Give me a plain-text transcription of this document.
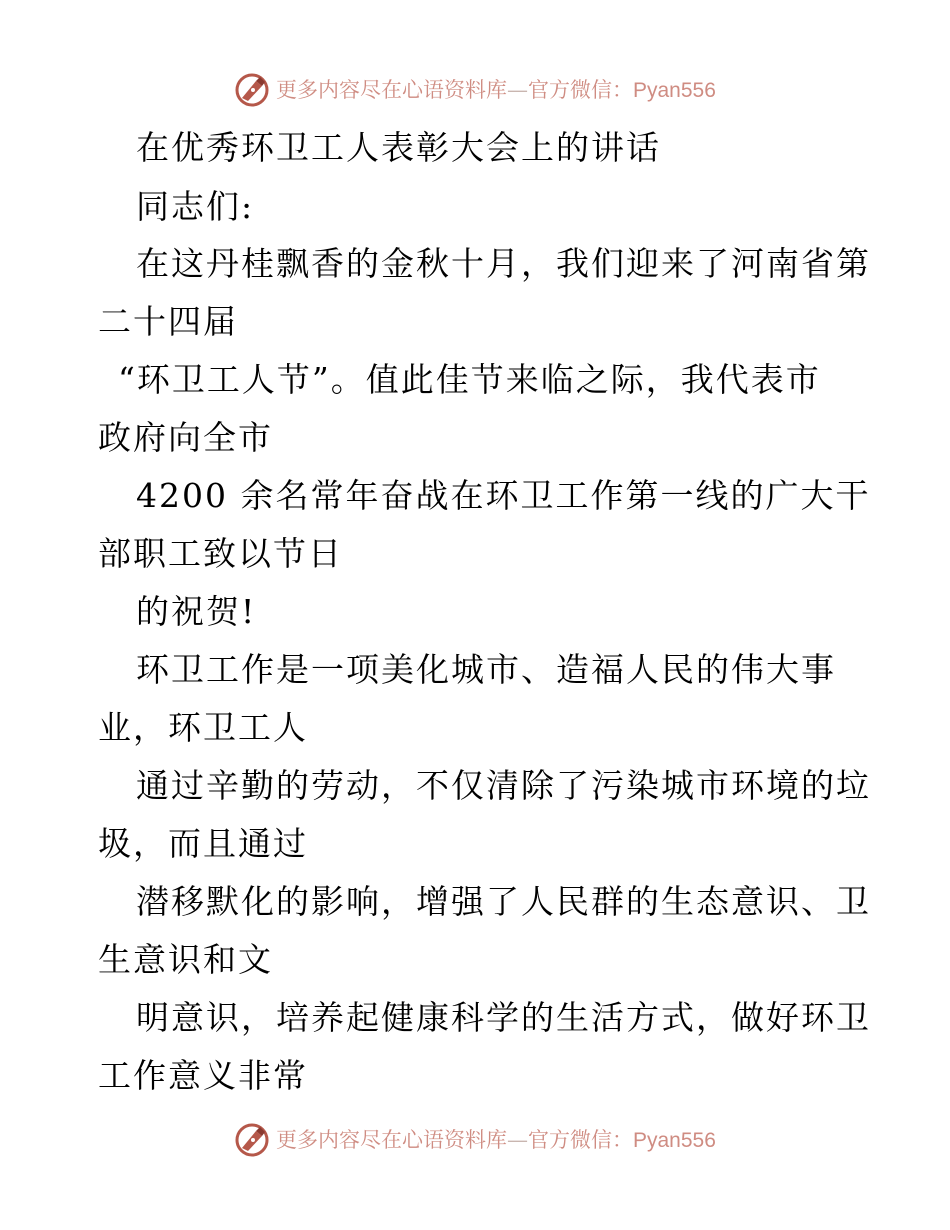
更多内容尽在心语资料库—官方微信：Pyan556
在优秀环卫工人表彰大会上的讲话
同志们:
在这丹桂飘香的金秋十月，我们迎来了河南省第
二十四届
“环卫工人节”。值此佳节来临之际，我代表市
政府向全市
4200 余名常年奋战在环卫工作第一线的广大干
部职工致以节日
的祝贺!
环卫工作是一项美化城市、造福人民的伟大事
业，环卫工人
通过辛勤的劳动，不仅清除了污染城市环境的垃
圾，而且通过
潜移默化的影响，增强了人民群的生态意识、卫
生意识和文
明意识，培养起健康科学的生活方式，做好环卫
工作意义非常
更多内容尽在心语资料库—官方微信：Pyan556
